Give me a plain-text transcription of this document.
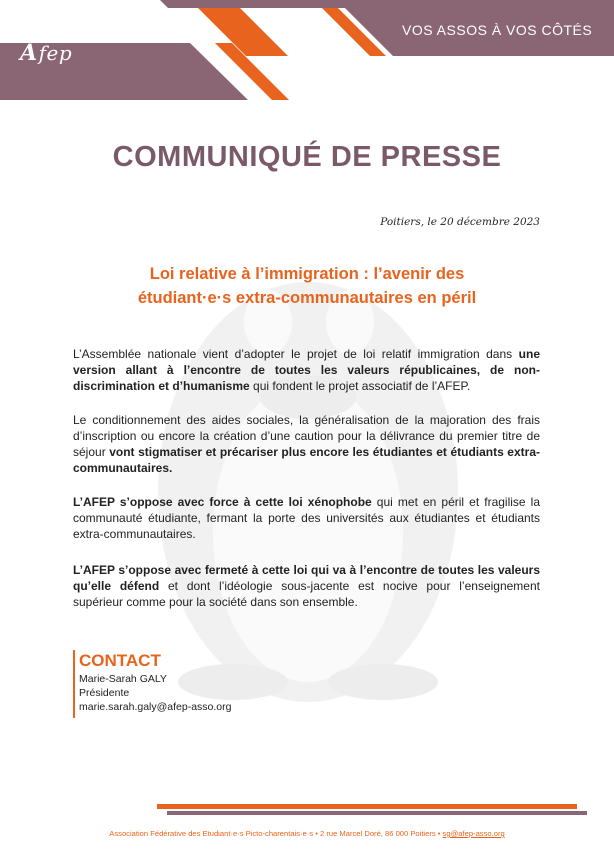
Afep
VOS ASSOS À VOS CÔTÉS
COMMUNIQUÉ DE PRESSE
Poitiers, le 20 décembre 2023
Loi relative à l’immigration : l’avenir des
étudiant·e·s extra-communautaires en péril

L’Assemblée nationale vient d’adopter le projet de loi relatif immigration dans une version allant à l’encontre de toutes les valeurs républicaines, de non-discrimination et d’humanisme qui fondent le projet associatif de l’AFEP.

Le conditionnement des aides sociales, la généralisation de la majoration des frais d’inscription ou encore la création d’une caution pour la délivrance du premier titre de séjour vont stigmatiser et précariser plus encore les étudiantes et étudiants extra-communautaires.

L’AFEP s’oppose avec force à cette loi xénophobe qui met en péril et fragilise la communauté étudiante, fermant la porte des universités aux étudiantes et étudiants extra-communautaires.

L’AFEP s’oppose avec fermeté à cette loi qui va à l’encontre de toutes les valeurs qu’elle défend et dont l’idéologie sous-jacente est nocive pour l’enseignement supérieur comme pour la société dans son ensemble.

CONTACT
Marie-Sarah GALY
Présidente
marie.sarah.galy@afep-asso.org
Association Fédérative des Etudiant·e·s Picto-charentais·e·s • 2 rue Marcel Doré, 86 000 Poitiers • sg@afep-asso.org
